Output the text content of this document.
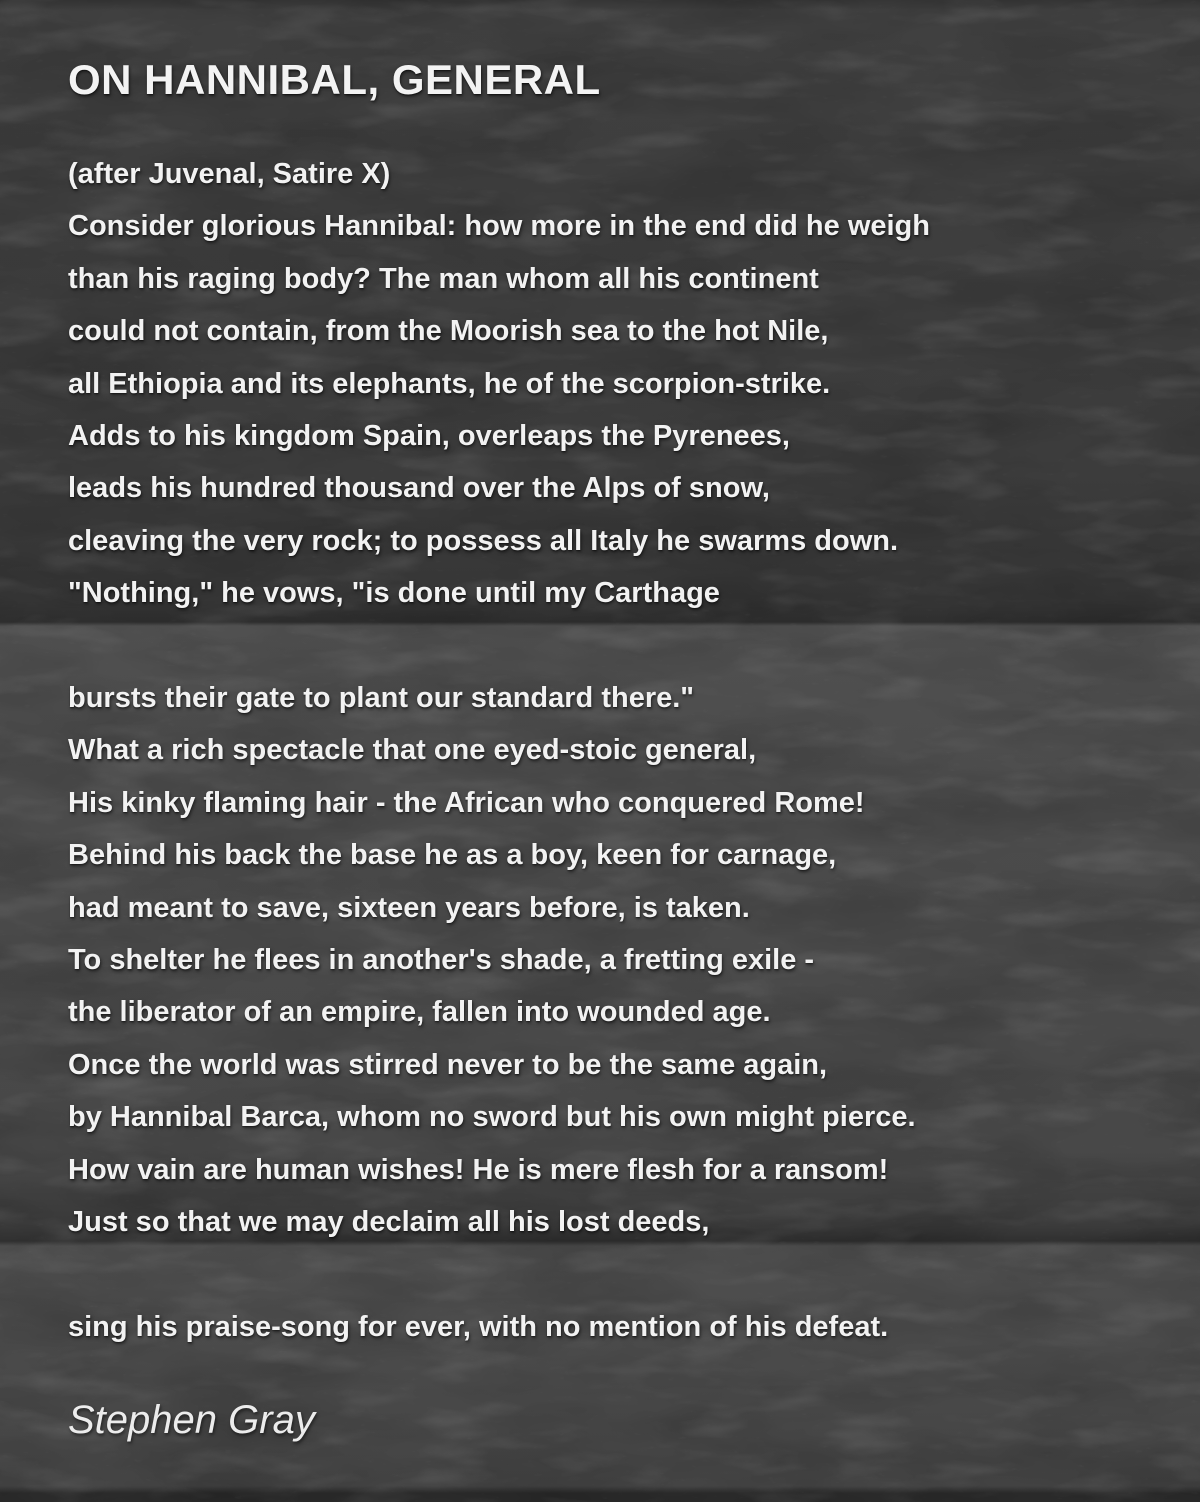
ON HANNIBAL, GENERAL

(after Juvenal, Satire X)

Consider glorious Hannibal: how more in the end did he weigh

than his raging body? The man whom all his continent

could not contain, from the Moorish sea to the hot Nile,

all Ethiopia and its elephants, he of the scorpion-strike.

Adds to his kingdom Spain, overleaps the Pyrenees,

leads his hundred thousand over the Alps of snow,

cleaving the very rock; to possess all Italy he swarms down.

"Nothing," he vows, "is done until my Carthage

bursts their gate to plant our standard there."

What a rich spectacle that one eyed-stoic general,

His kinky flaming hair - the African who conquered Rome!

Behind his back the base he as a boy, keen for carnage,

had meant to save, sixteen years before, is taken.

To shelter he flees in another's shade, a fretting exile -

the liberator of an empire, fallen into wounded age.

Once the world was stirred never to be the same again,

by Hannibal Barca, whom no sword but his own might pierce.

How vain are human wishes! He is mere flesh for a ransom!

Just so that we may declaim all his lost deeds,

sing his praise-song for ever, with no mention of his defeat.

Stephen Gray
